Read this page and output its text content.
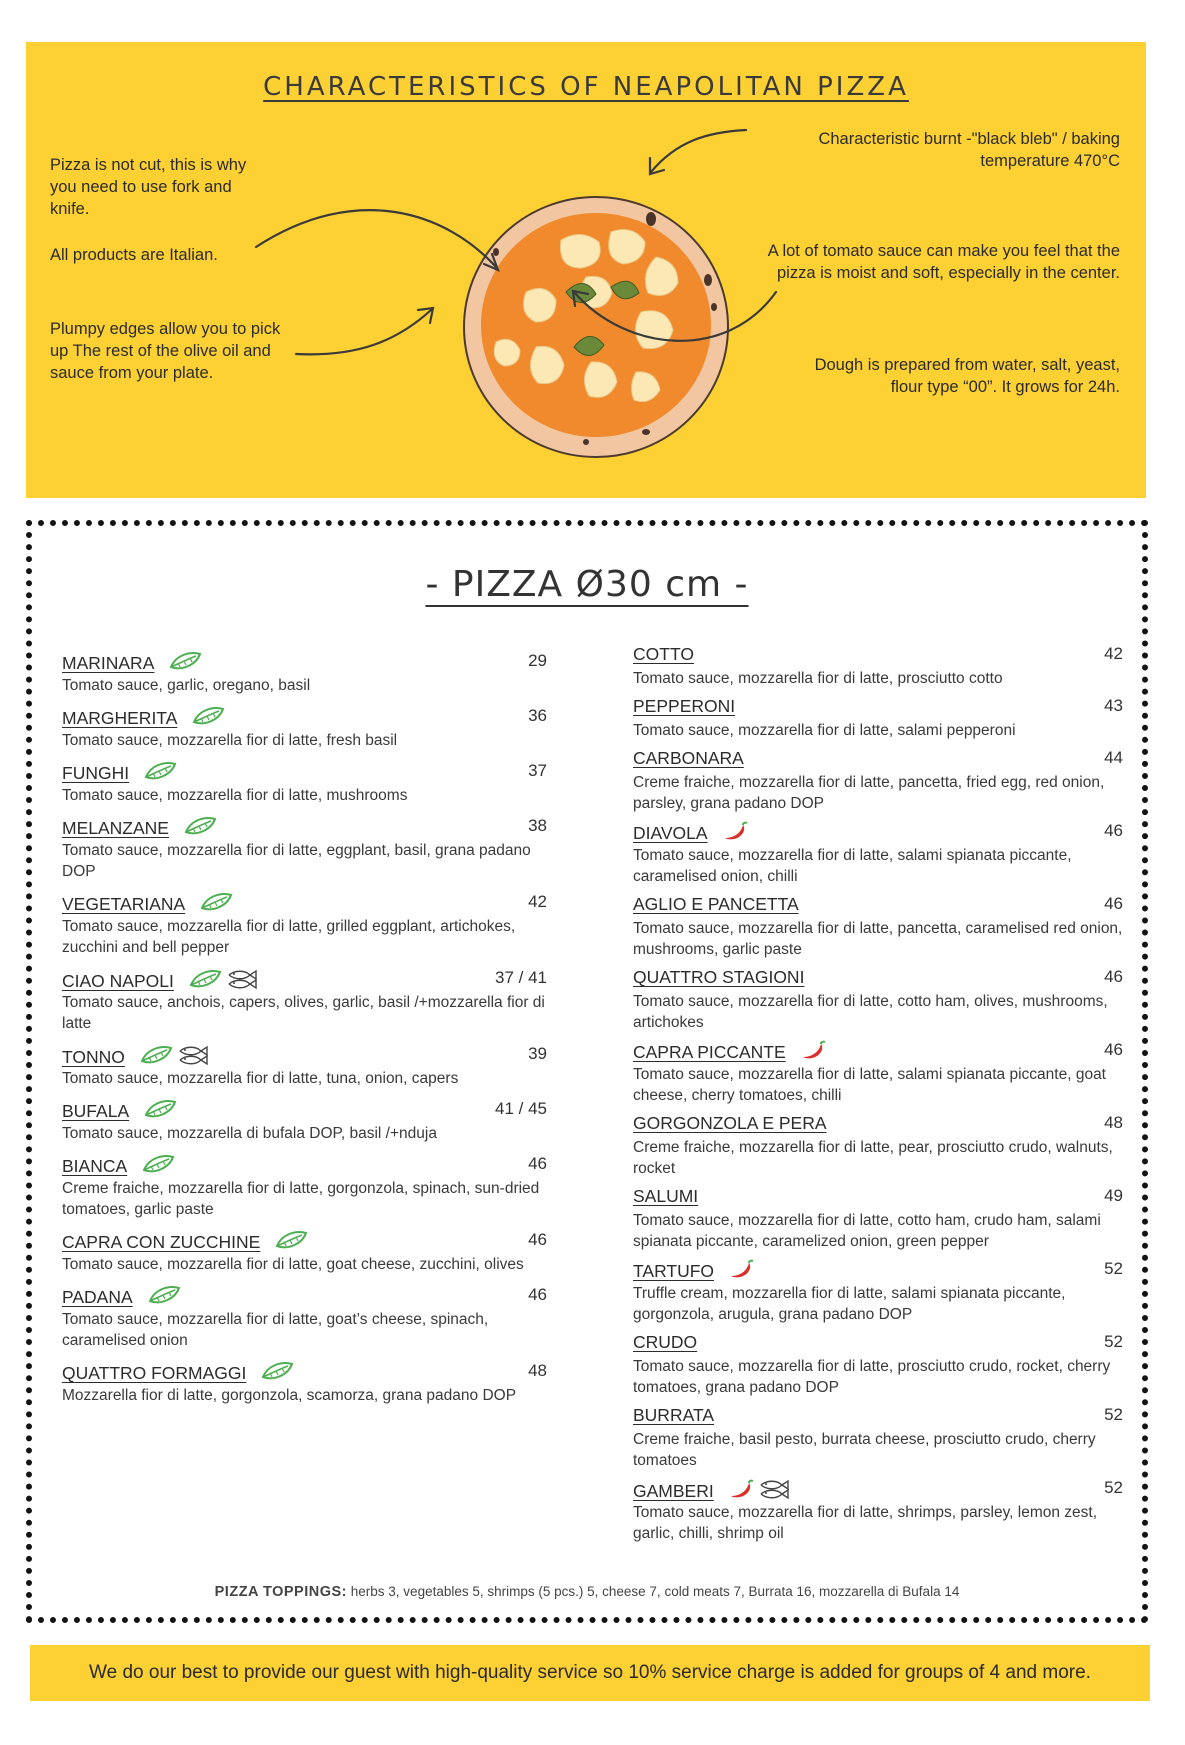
CHARACTERISTICS OF NEAPOLITAN PIZZA
Pizza is not cut, this is why you need to use fork and knife.
All products are Italian.
Plumpy edges allow you to pick up The rest of the olive oil and sauce from your plate.
Characteristic burnt -"black bleb" / baking temperature 470°C
A lot of tomato sauce can make you feel that the pizza is moist and soft, especially in the center.
Dough is prepared from water, salt, yeast, flour type “00”. It grows for 24h.
- PIZZA Ø30 cm -
MARINARA	29
Tomato sauce, garlic, oregano, basil
MARGHERITA	36
Tomato sauce, mozzarella fior di latte, fresh basil
FUNGHI	37
Tomato sauce, mozzarella fior di latte, mushrooms
MELANZANE	38
Tomato sauce, mozzarella fior di latte, eggplant, basil, grana padano DOP
VEGETARIANA	42
Tomato sauce, mozzarella fior di latte, grilled eggplant, artichokes, zucchini and bell pepper
CIAO NAPOLI	37 / 41
Tomato sauce, anchois, capers, olives, garlic, basil /+mozzarella fior di latte
TONNO	39
Tomato sauce, mozzarella fior di latte, tuna, onion, capers
BUFALA	41 / 45
Tomato sauce, mozzarella di bufala DOP, basil /+nduja
BIANCA	46
Creme fraiche, mozzarella fior di latte, gorgonzola, spinach, sun-dried tomatoes, garlic paste
CAPRA CON ZUCCHINE	46
Tomato sauce, mozzarella fior di latte, goat cheese, zucchini, olives
PADANA	46
Tomato sauce, mozzarella fior di latte, goat’s cheese, spinach, caramelised onion
QUATTRO FORMAGGI	48
Mozzarella fior di latte, gorgonzola, scamorza, grana padano DOP
COTTO	42
Tomato sauce, mozzarella fior di latte, prosciutto cotto
PEPPERONI	43
Tomato sauce, mozzarella fior di latte, salami pepperoni
CARBONARA	44
Creme fraiche, mozzarella fior di latte, pancetta, fried egg, red onion, parsley, grana padano DOP
DIAVOLA	46
Tomato sauce, mozzarella fior di latte, salami spianata piccante, caramelised onion, chilli
AGLIO E PANCETTA	46
Tomato sauce, mozzarella fior di latte, pancetta, caramelised red onion, mushrooms, garlic paste
QUATTRO STAGIONI	46
Tomato sauce, mozzarella fior di latte, cotto ham, olives, mushrooms, artichokes
CAPRA PICCANTE	46
Tomato sauce, mozzarella fior di latte, salami spianata piccante, goat cheese, cherry tomatoes, chilli
GORGONZOLA E PERA	48
Creme fraiche, mozzarella fior di latte, pear, prosciutto crudo, walnuts, rocket
SALUMI	49
Tomato sauce, mozzarella fior di latte, cotto ham, crudo ham, salami spianata piccante, caramelized onion, green pepper
TARTUFO	52
Truffle cream, mozzarella fior di latte, salami spianata piccante, gorgonzola, arugula, grana padano DOP
CRUDO	52
Tomato sauce, mozzarella fior di latte, prosciutto crudo, rocket, cherry tomatoes, grana padano DOP
BURRATA	52
Creme fraiche, basil pesto, burrata cheese, prosciutto crudo, cherry tomatoes
GAMBERI	52
Tomato sauce, mozzarella fior di latte, shrimps, parsley, lemon zest, garlic, chilli, shrimp oil
PIZZA TOPPINGS: herbs 3, vegetables 5, shrimps (5 pcs.) 5, cheese 7, cold meats 7, Burrata 16, mozzarella di Bufala 14
We do our best to provide our guest with high-quality service so 10% service charge is added for groups of 4 and more.
